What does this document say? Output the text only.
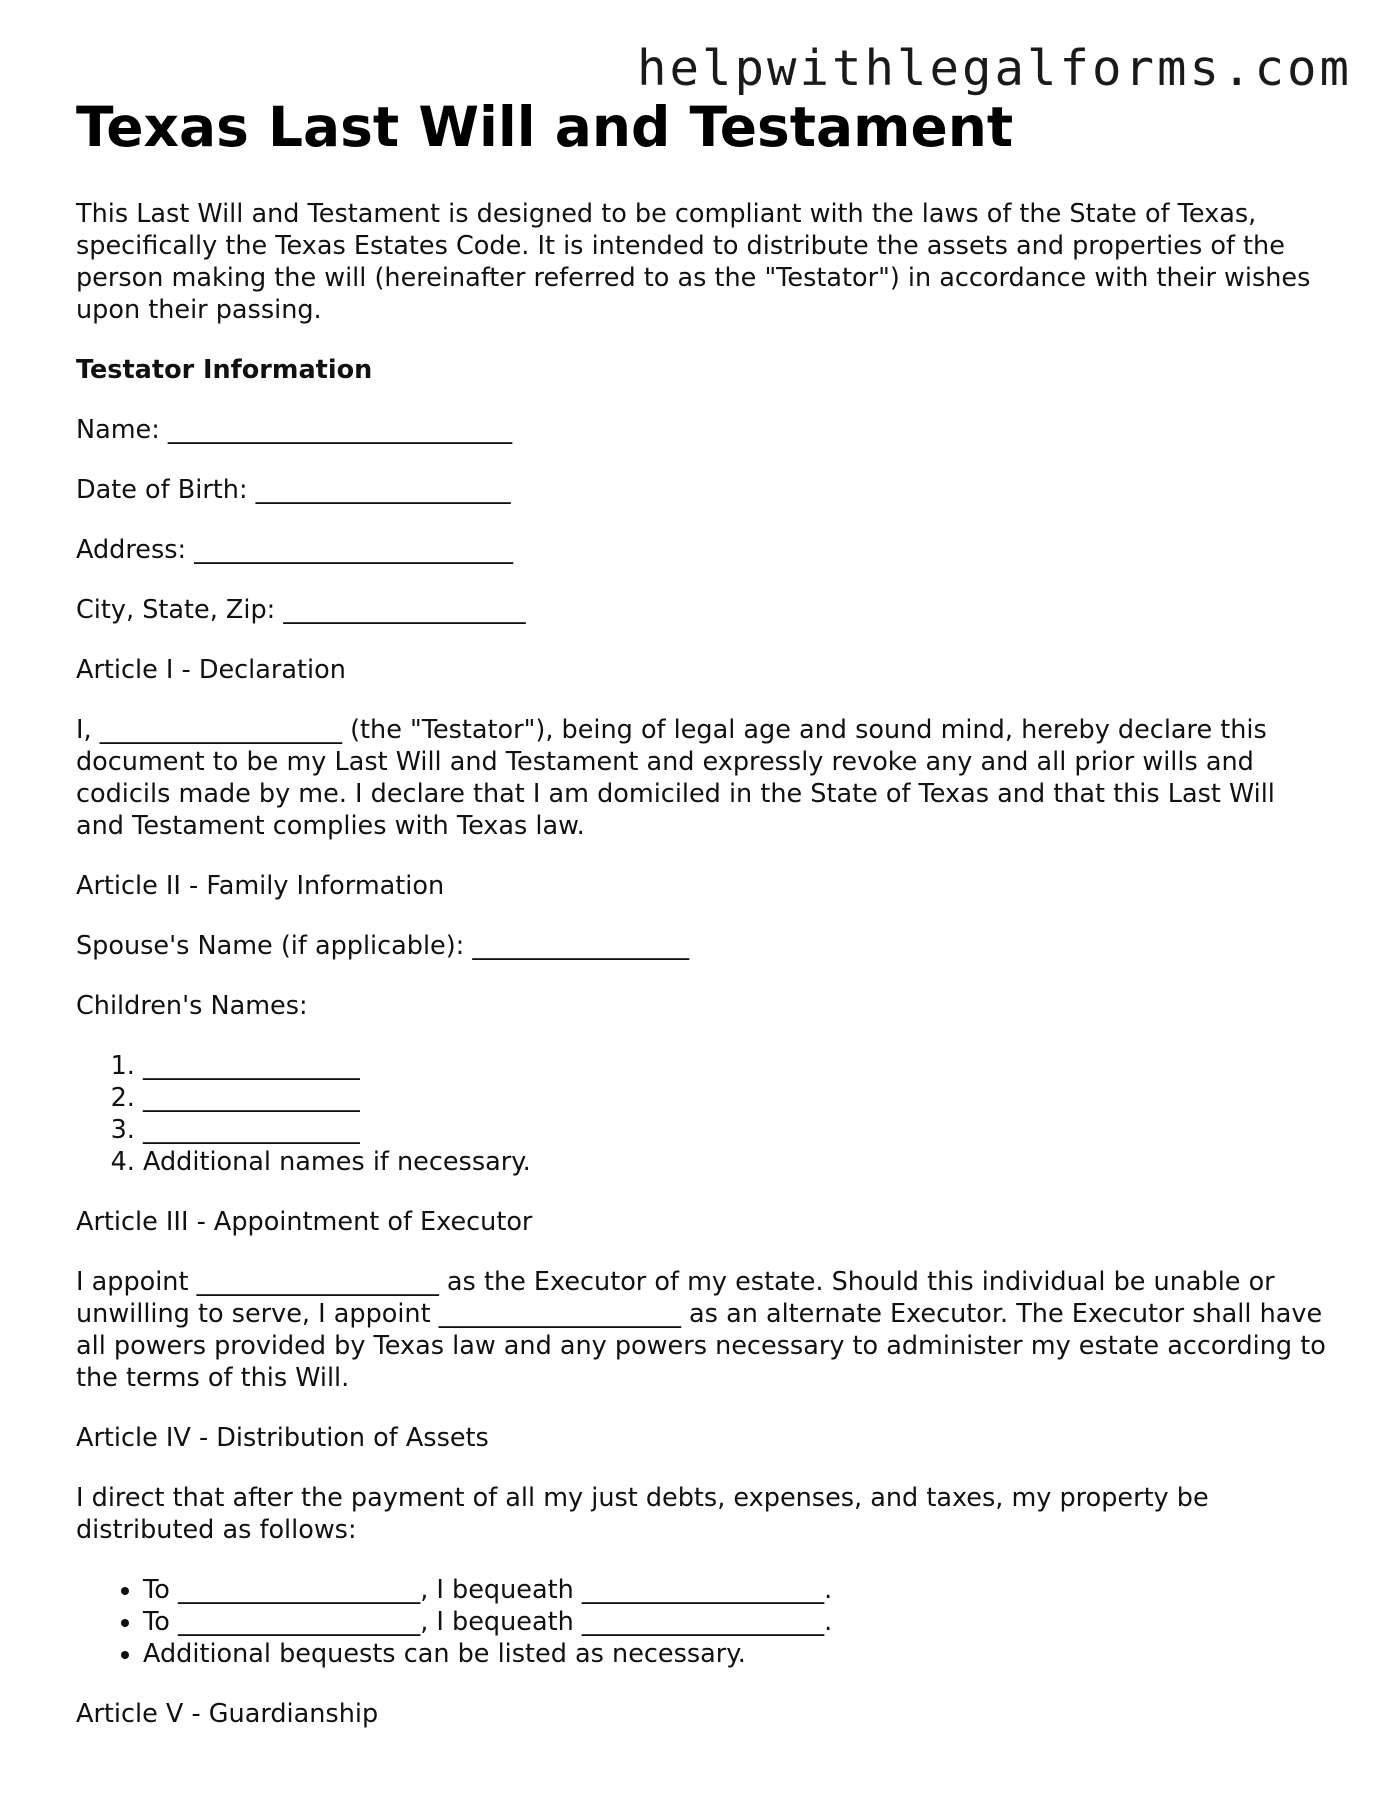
helpwithlegalforms.com
Texas Last Will and Testament

This Last Will and Testament is designed to be compliant with the laws of the State of Texas, specifically the Texas Estates Code. It is intended to distribute the assets and properties of the person making the will (hereinafter referred to as the "Testator") in accordance with their wishes upon their passing.

Testator Information

Name: ___________________________

Date of Birth: ____________________

Address: _________________________

City, State, Zip: ___________________

Article I - Declaration

I, ___________________ (the "Testator"), being of legal age and sound mind, hereby declare this document to be my Last Will and Testament and expressly revoke any and all prior wills and codicils made by me. I declare that I am domiciled in the State of Texas and that this Last Will and Testament complies with Texas law.

Article II - Family Information

Spouse's Name (if applicable): _________________

Children's Names:

1. _________________
2. _________________
3. _________________
4. Additional names if necessary.

Article III - Appointment of Executor

I appoint ___________________ as the Executor of my estate. Should this individual be unable or unwilling to serve, I appoint ___________________ as an alternate Executor. The Executor shall have all powers provided by Texas law and any powers necessary to administer my estate according to the terms of this Will.

Article IV - Distribution of Assets

I direct that after the payment of all my just debts, expenses, and taxes, my property be distributed as follows:

• To ___________________, I bequeath ___________________.
• To ___________________, I bequeath ___________________.
• Additional bequests can be listed as necessary.

Article V - Guardianship
